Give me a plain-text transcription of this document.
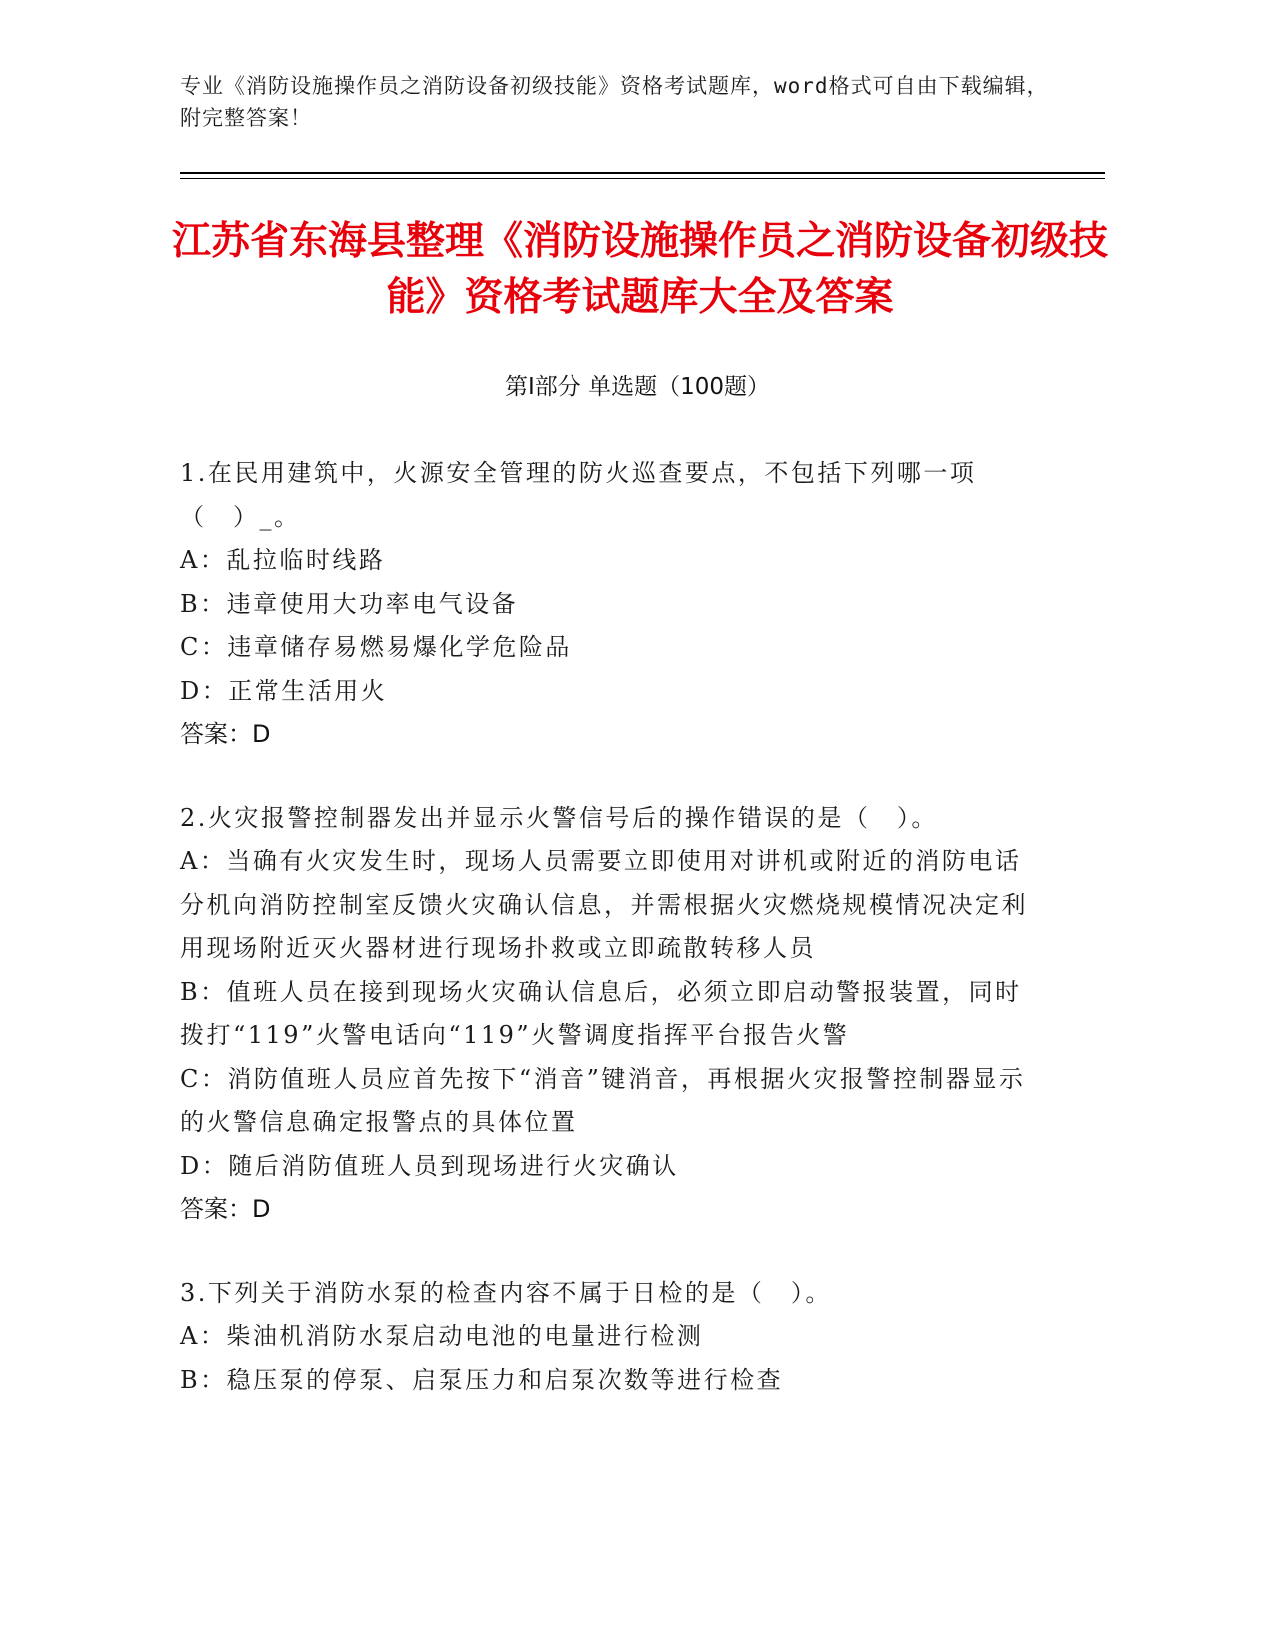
专业《消防设施操作员之消防设备初级技能》资格考试题库，word格式可自由下载编辑，附完整答案！
江苏省东海县整理《消防设施操作员之消防设备初级技能》资格考试题库大全及答案
第Ⅰ部分 单选题（100题）
1.在民用建筑中，火源安全管理的防火巡查要点，不包括下列哪一项（　）_。
A：乱拉临时线路
B：违章使用大功率电气设备
C：违章储存易燃易爆化学危险品
D：正常生活用火
答案：D
2.火灾报警控制器发出并显示火警信号后的操作错误的是（　）。
A：当确有火灾发生时，现场人员需要立即使用对讲机或附近的消防电话分机向消防控制室反馈火灾确认信息，并需根据火灾燃烧规模情况决定利用现场附近灭火器材进行现场扑救或立即疏散转移人员
B：值班人员在接到现场火灾确认信息后，必须立即启动警报装置，同时拨打“119”火警电话向“119”火警调度指挥平台报告火警
C：消防值班人员应首先按下“消音”键消音，再根据火灾报警控制器显示的火警信息确定报警点的具体位置
D：随后消防值班人员到现场进行火灾确认
答案：D
3.下列关于消防水泵的检查内容不属于日检的是（　）。
A：柴油机消防水泵启动电池的电量进行检测
B：稳压泵的停泵、启泵压力和启泵次数等进行检查
